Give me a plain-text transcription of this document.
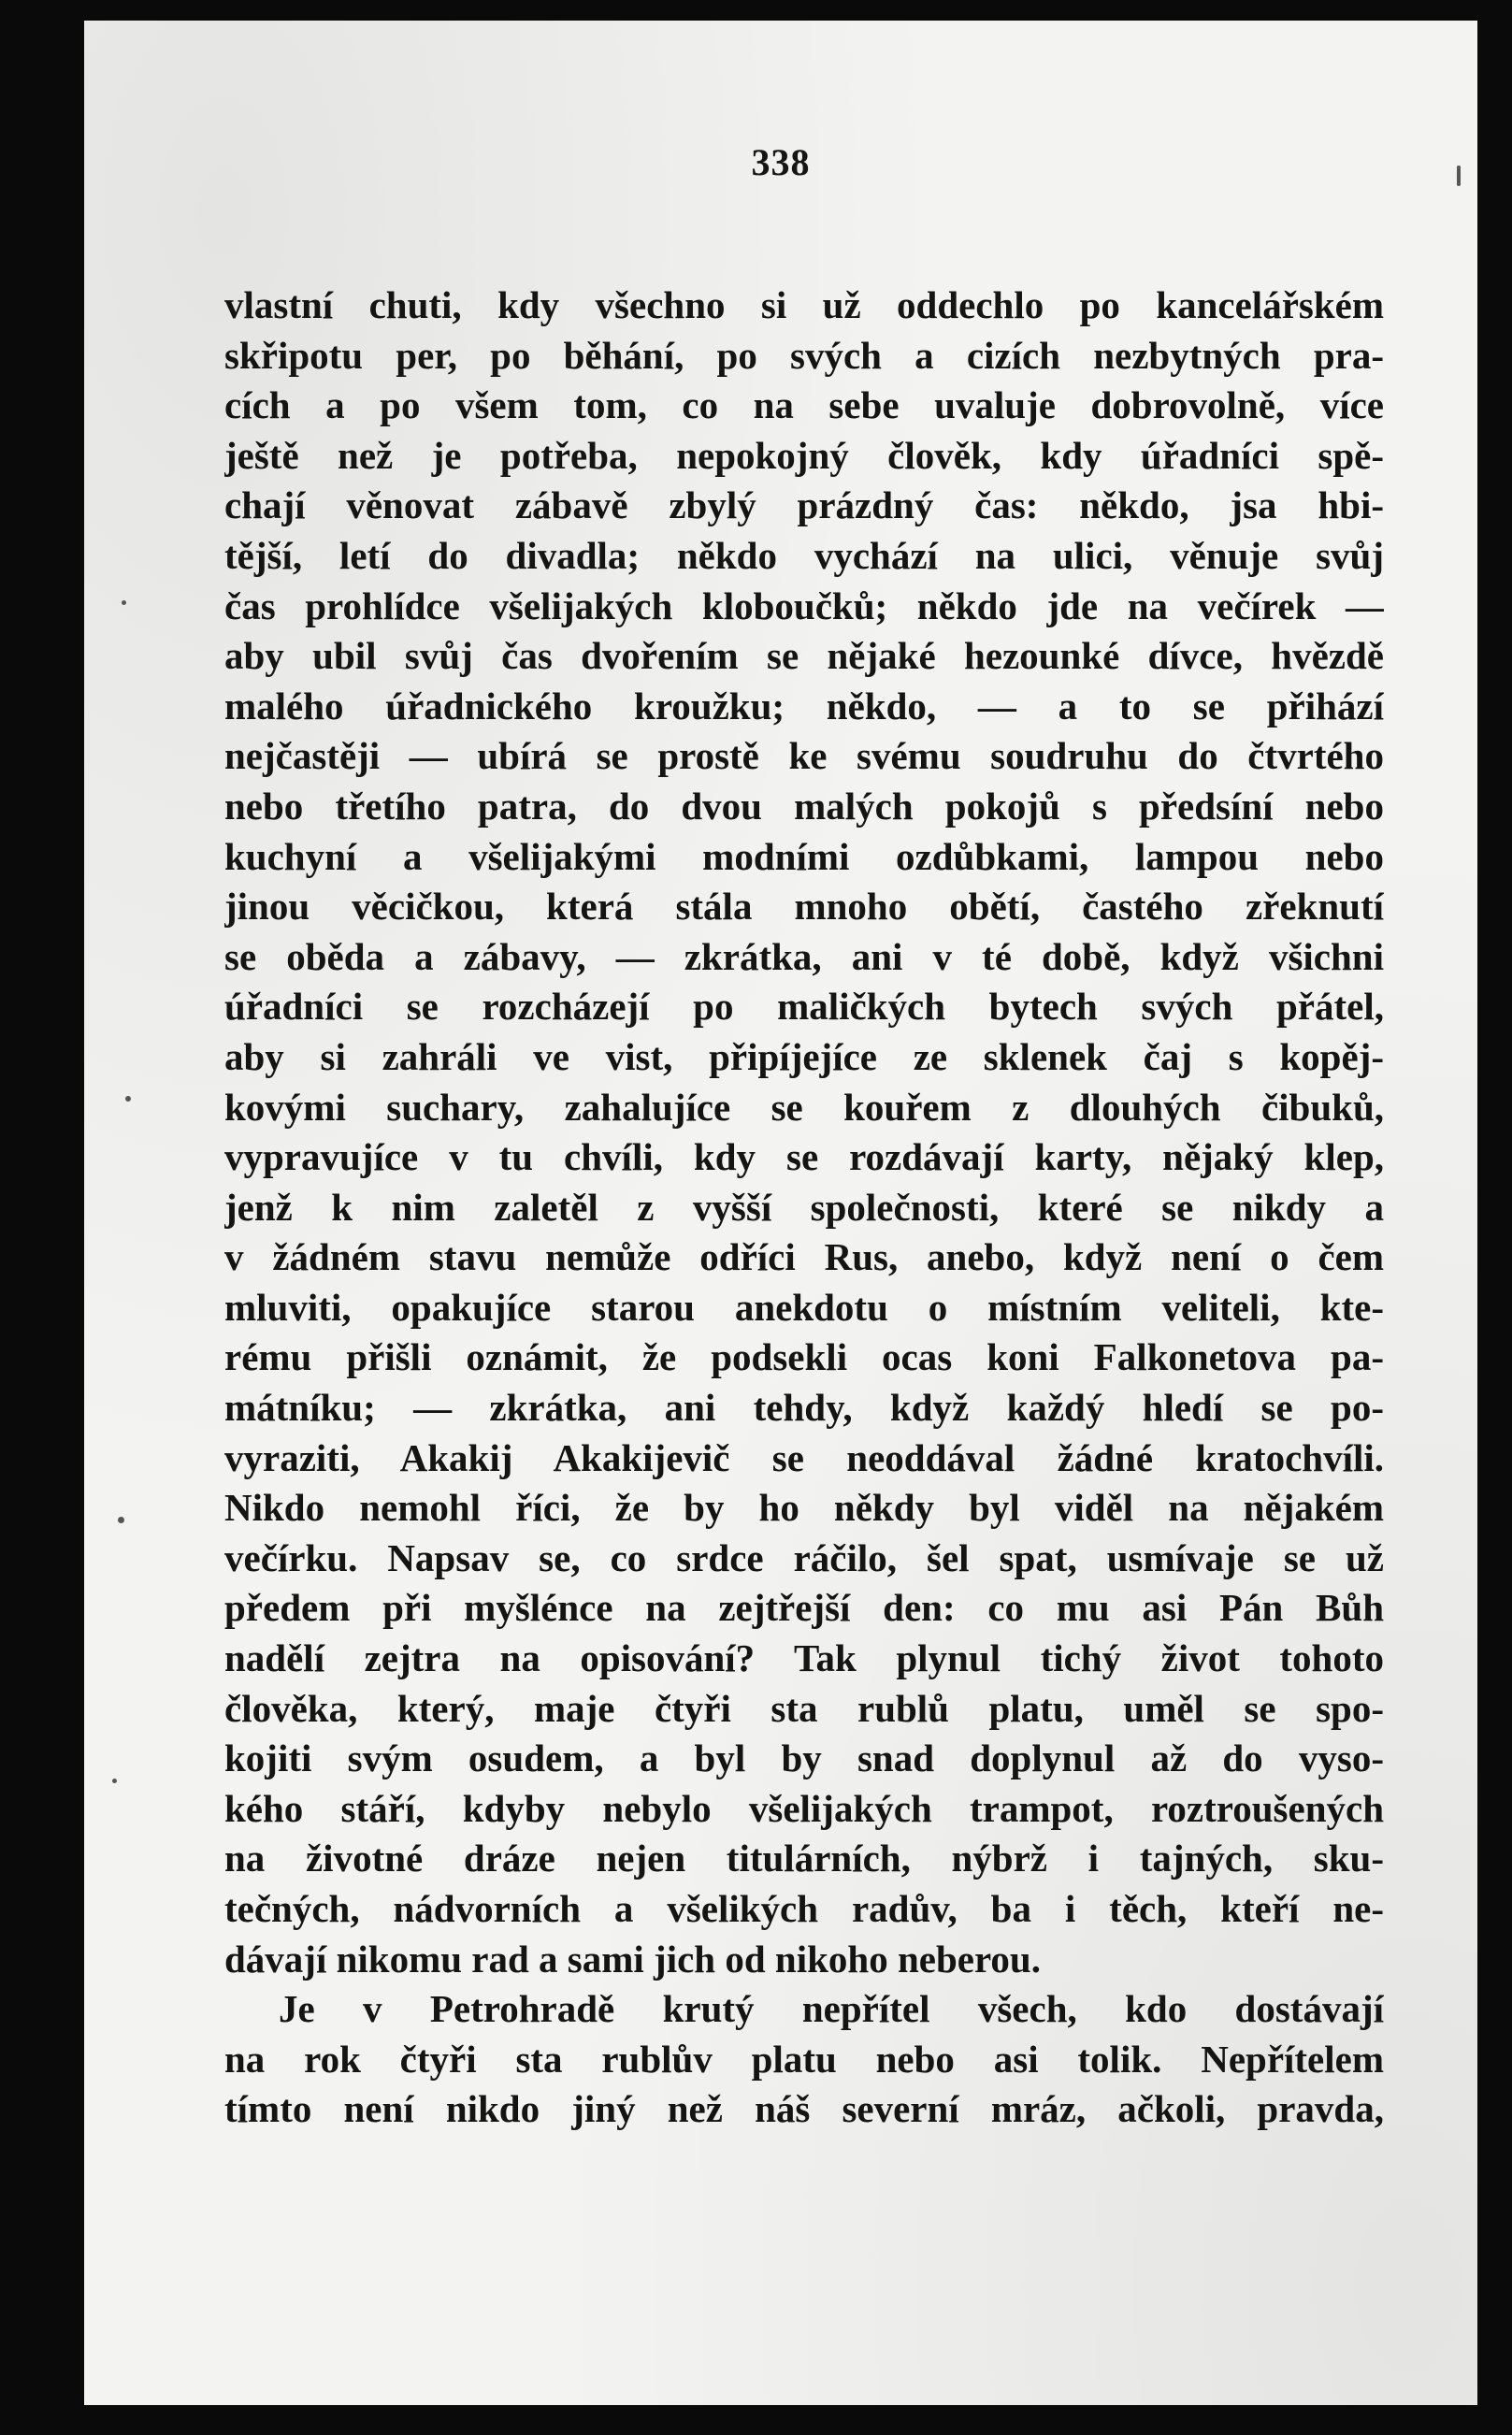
338
vlastní chuti, kdy všechno si už oddechlo po kancelářském
skřipotu per, po běhání, po svých a cizích nezbytných pra-
cích a po všem tom, co na sebe uvaluje dobrovolně, více
ještě než je potřeba, nepokojný člověk, kdy úřadníci spě-
chají věnovat zábavě zbylý prázdný čas: někdo, jsa hbi-
tější, letí do divadla; někdo vychází na ulici, věnuje svůj
čas prohlídce všelijakých kloboučků; někdo jde na večírek —
aby ubil svůj čas dvořením se nějaké hezounké dívce, hvězdě
malého úřadnického kroužku; někdo, — a to se přihází
nejčastěji — ubírá se prostě ke svému soudruhu do čtvrtého
nebo třetího patra, do dvou malých pokojů s předsíní nebo
kuchyní a všelijakými modními ozdůbkami, lampou nebo
jinou věcičkou, která stála mnoho obětí, častého zřeknutí
se oběda a zábavy, — zkrátka, ani v té době, když všichni
úřadníci se rozcházejí po maličkých bytech svých přátel,
aby si zahráli ve vist, připíjejíce ze sklenek čaj s kopěj-
kovými suchary, zahalujíce se kouřem z dlouhých čibuků,
vypravujíce v tu chvíli, kdy se rozdávají karty, nějaký klep,
jenž k nim zaletěl z vyšší společnosti, které se nikdy a
v žádném stavu nemůže odříci Rus, anebo, když není o čem
mluviti, opakujíce starou anekdotu o místním veliteli, kte-
rému přišli oznámit, že podsekli ocas koni Falkonetova pa-
mátníku; — zkrátka, ani tehdy, když každý hledí se po-
vyraziti, Akakij Akakijevič se neoddával žádné kratochvíli.
Nikdo nemohl říci, že by ho někdy byl viděl na nějakém
večírku. Napsav se, co srdce ráčilo, šel spat, usmívaje se už
předem při myšlénce na zejtřejší den: co mu asi Pán Bůh
nadělí zejtra na opisování? Tak plynul tichý život tohoto
člověka, který, maje čtyři sta rublů platu, uměl se spo-
kojiti svým osudem, a byl by snad doplynul až do vyso-
kého stáří, kdyby nebylo všelijakých trampot, roztroušených
na životné dráze nejen titulárních, nýbrž i tajných, sku-
tečných, nádvorních a všelikých radův, ba i těch, kteří ne-
dávají nikomu rad a sami jich od nikoho neberou.
Je v Petrohradě krutý nepřítel všech, kdo dostávají
na rok čtyři sta rublův platu nebo asi tolik. Nepřítelem
tímto není nikdo jiný než náš severní mráz, ačkoli, pravda,
